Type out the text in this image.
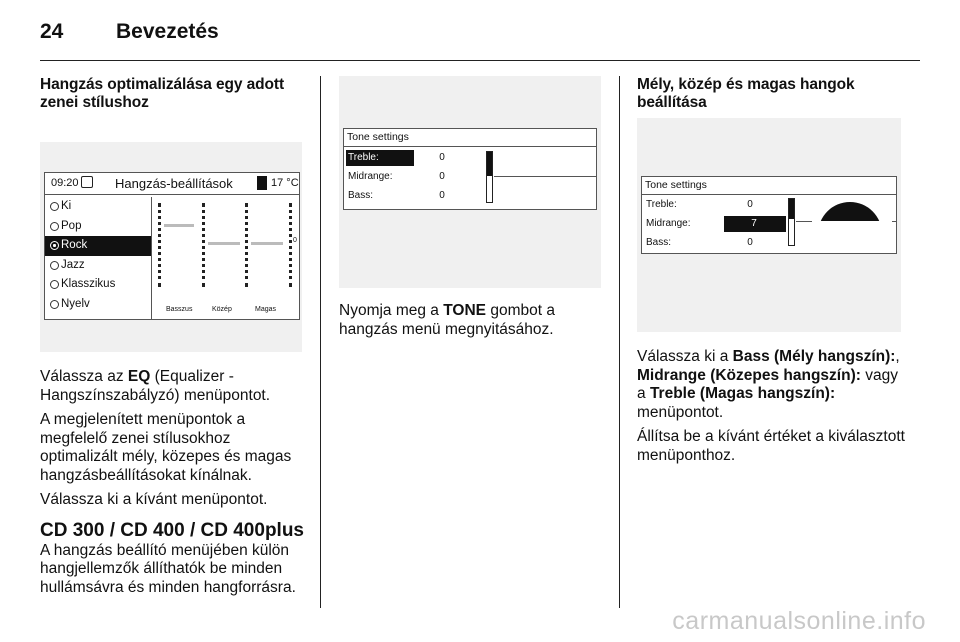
24	Bevezetés
Hangzás optimalizálása egy adott zenei stílushoz
09:20	Hangzás-beállítások	17 °C
Ki
Pop
Rock
Jazz
Klasszikus
Nyelv
0
Basszus	Közép	Magas
Válassza az EQ (Equalizer - Hangszínszabályzó) menüpontot.
A megjelenített menüpontok a megfelelő zenei stílusokhoz optimalizált mély, közepes és magas hangzásbeállításokat kínálnak.
Válassza ki a kívánt menüpontot.
CD 300 / CD 400 / CD 400plus
A hangzás beállító menüjében külön hangjellemzők állíthatók be minden hullámsávra és minden hangforrásra.
Tone settings
Treble:	0
Midrange:	0
Bass:	0
Nyomja meg a TONE gombot a hangzás menü megnyitásához.
Mély, közép és magas hangok beállítása
Tone settings
Treble:	0
Midrange:	7
Bass:	0
Válassza ki a Bass (Mély hangszín):, Midrange (Közepes hangszín): vagy a Treble (Magas hangszín): menüpontot.
Állítsa be a kívánt értéket a kiválasztott menüponthoz.
carmanualsonline.info
